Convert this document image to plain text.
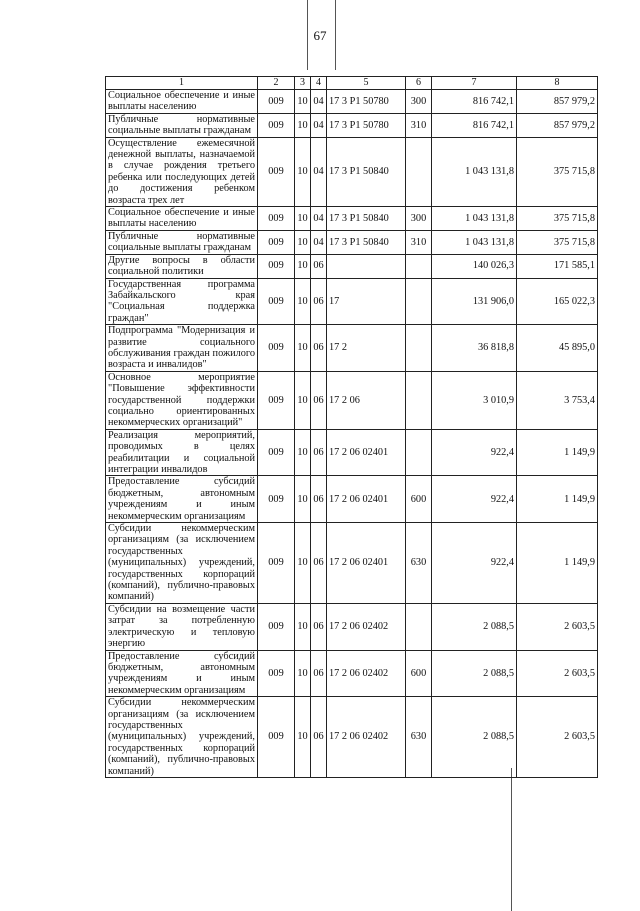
67
1	2	3	4	5	6	7	8
Социальное обеспечение и иные выплаты населению	009	10	04	17 3 P1 50780	300	816 742,1	857 979,2
Публичные нормативные социальные выплаты гражданам	009	10	04	17 3 P1 50780	310	816 742,1	857 979,2
Осуществление ежемесячной денежной выплаты, назначаемой в случае рождения третьего ребенка или последующих детей до достижения ребенком возраста трех лет	009	10	04	17 3 P1 50840		1 043 131,8	375 715,8
Социальное обеспечение и иные выплаты населению	009	10	04	17 3 P1 50840	300	1 043 131,8	375 715,8
Публичные нормативные социальные выплаты гражданам	009	10	04	17 3 P1 50840	310	1 043 131,8	375 715,8
Другие вопросы в области социальной политики	009	10	06			140 026,3	171 585,1
Государственная программа Забайкальского края "Социальная поддержка граждан"	009	10	06	17		131 906,0	165 022,3
Подпрограмма "Модернизация и развитие социального обслуживания граждан пожилого возраста и инвалидов"	009	10	06	17 2		36 818,8	45 895,0
Основное мероприятие "Повышение эффективности государственной поддержки социально ориентированных некоммерческих организаций"	009	10	06	17 2 06		3 010,9	3 753,4
Реализация мероприятий, проводимых в целях реабилитации и социальной интеграции инвалидов	009	10	06	17 2 06 02401		922,4	1 149,9
Предоставление субсидий бюджетным, автономным учреждениям и иным некоммерческим организациям	009	10	06	17 2 06 02401	600	922,4	1 149,9
Субсидии некоммерческим организациям (за исключением государственных (муниципальных) учреждений, государственных корпораций (компаний), публично-правовых компаний)	009	10	06	17 2 06 02401	630	922,4	1 149,9
Субсидии на возмещение части затрат за потребленную электрическую и тепловую энергию	009	10	06	17 2 06 02402		2 088,5	2 603,5
Предоставление субсидий бюджетным, автономным учреждениям и иным некоммерческим организациям	009	10	06	17 2 06 02402	600	2 088,5	2 603,5
Субсидии некоммерческим организациям (за исключением государственных (муниципальных) учреждений, государственных корпораций (компаний), публично-правовых компаний)	009	10	06	17 2 06 02402	630	2 088,5	2 603,5
